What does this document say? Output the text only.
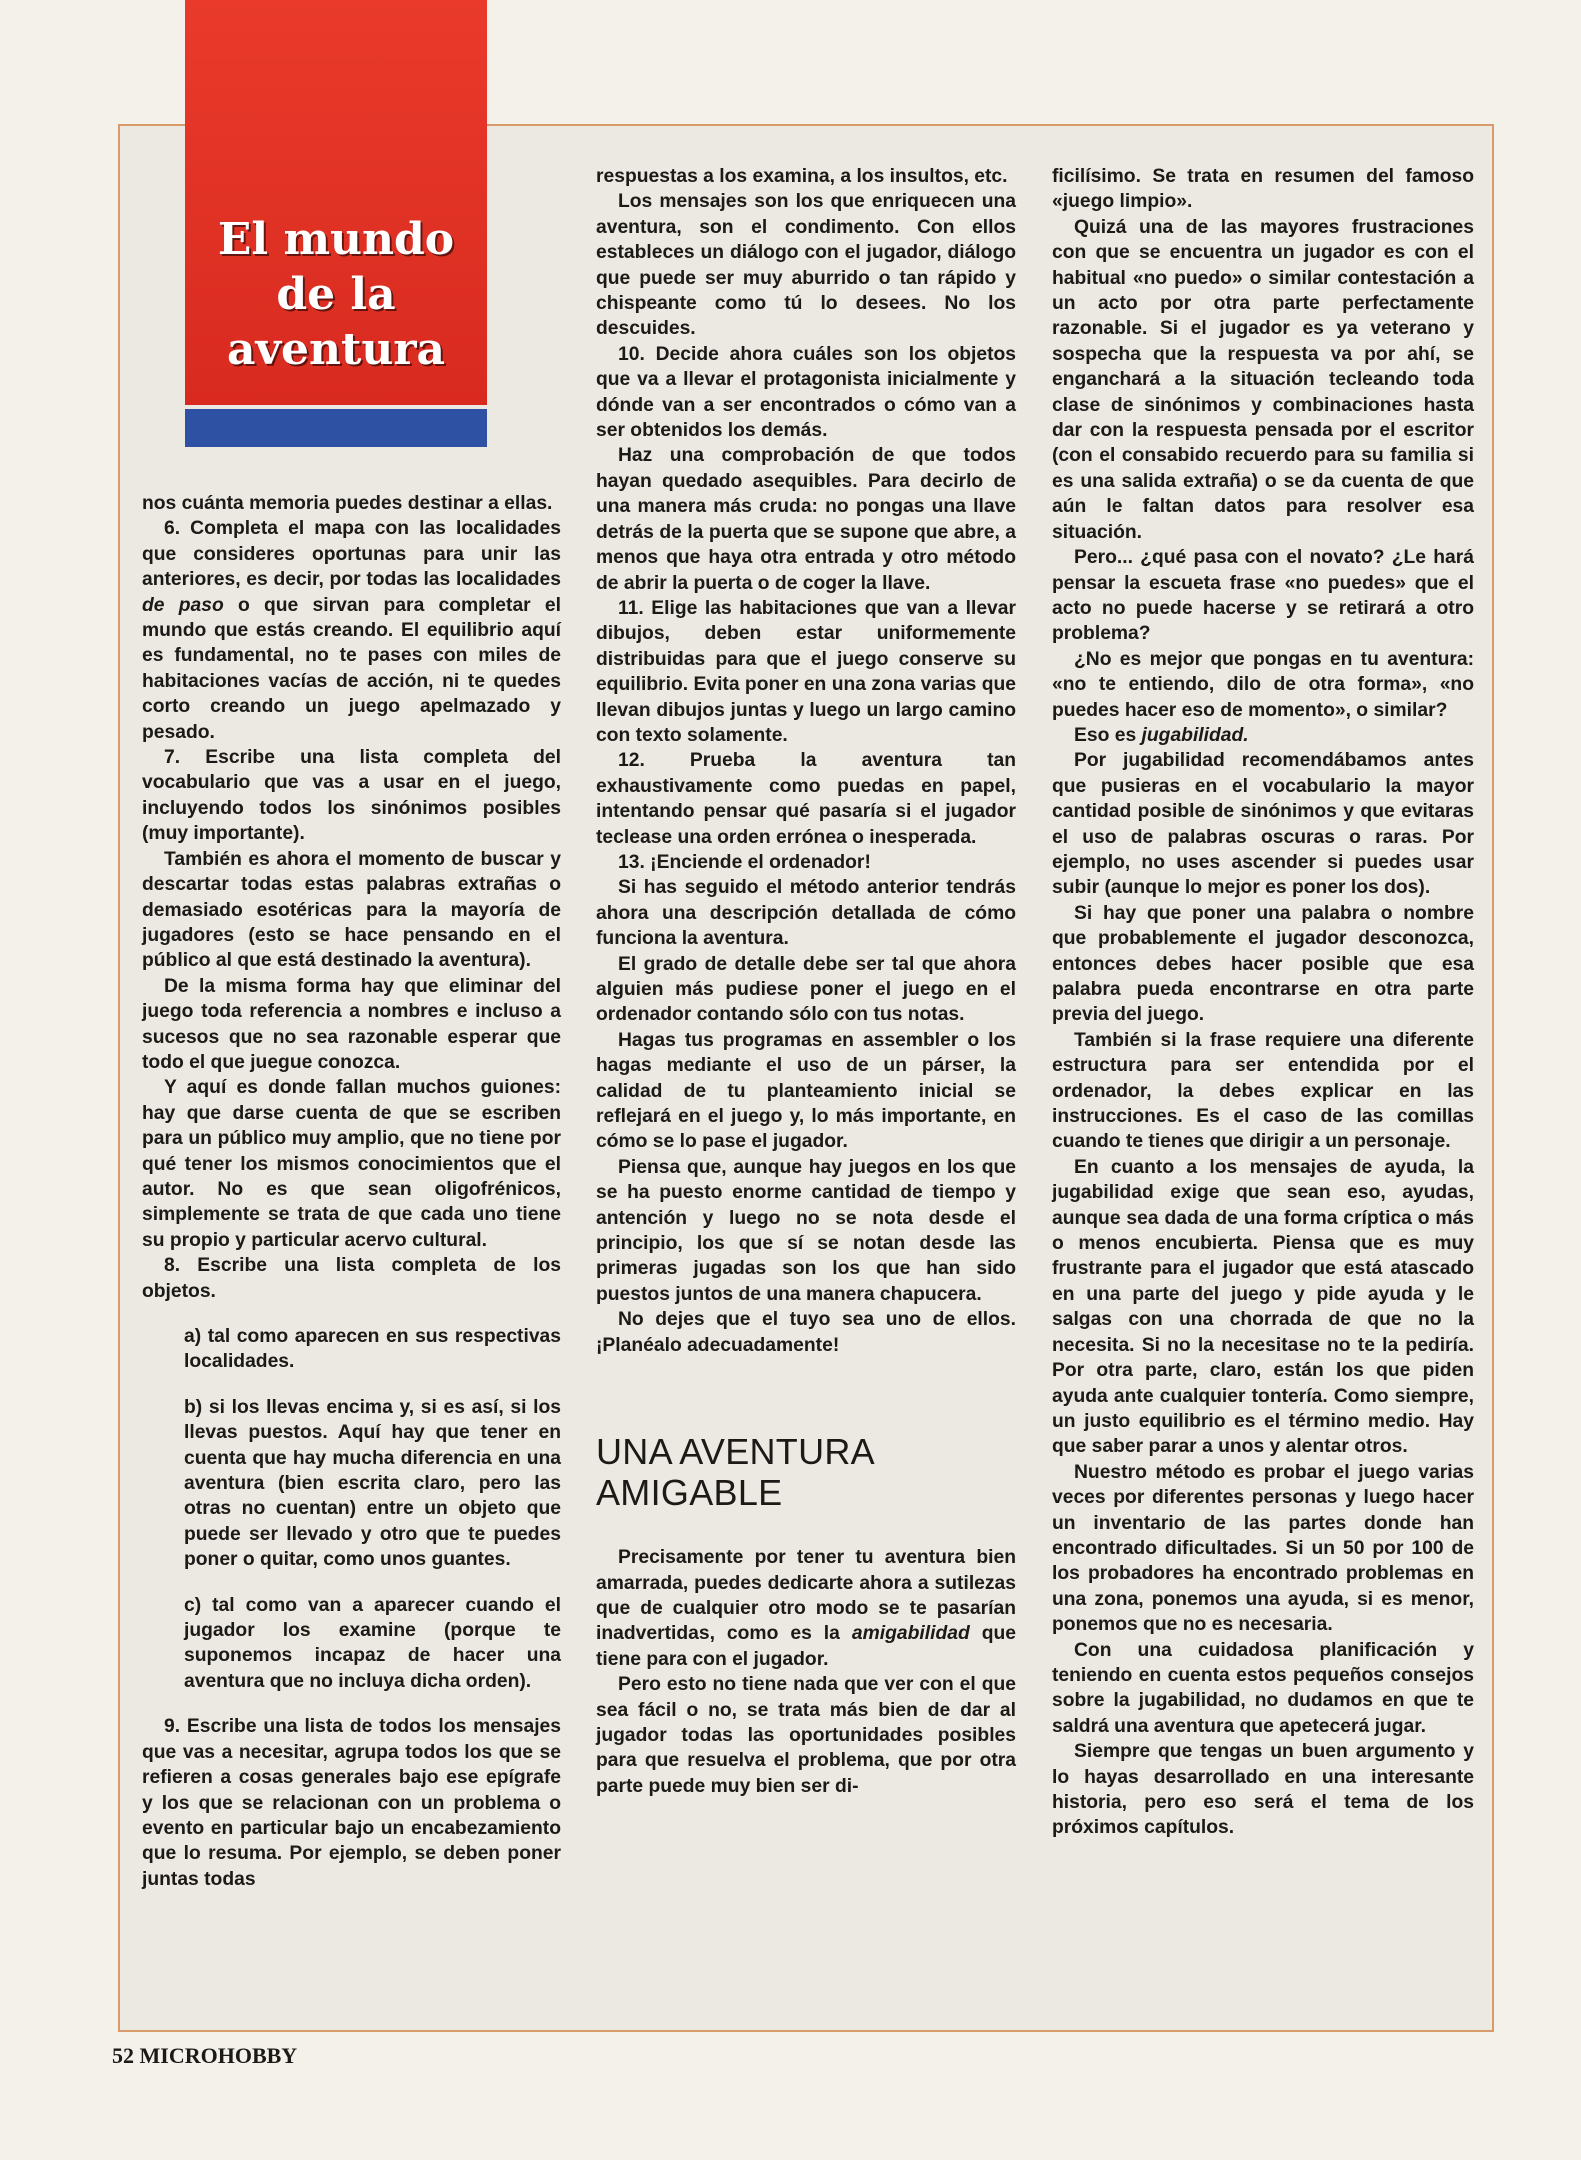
El mundo
de la
aventura

nos cuánta memoria puedes destinar a ellas.

6. Completa el mapa con las localidades que consideres oportunas para unir las anteriores, es decir, por todas las localidades de paso o que sirvan para completar el mundo que estás creando. El equilibrio aquí es fundamental, no te pases con miles de habitaciones vacías de acción, ni te quedes corto creando un juego apelmazado y pesado.

7. Escribe una lista completa del vocabulario que vas a usar en el juego, incluyendo todos los sinónimos posibles (muy importante).

También es ahora el momento de buscar y descartar todas estas palabras extrañas o demasiado esotéricas para la mayoría de jugadores (esto se hace pensando en el público al que está destinado la aventura).

De la misma forma hay que eliminar del juego toda referencia a nombres e incluso a sucesos que no sea razonable esperar que todo el que juegue conozca.

Y aquí es donde fallan muchos guiones: hay que darse cuenta de que se escriben para un público muy amplio, que no tiene por qué tener los mismos conocimientos que el autor. No es que sean oligofrénicos, simplemente se trata de que cada uno tiene su propio y particular acervo cultural.

8. Escribe una lista completa de los objetos.

a) tal como aparecen en sus respectivas localidades.

b) si los llevas encima y, si es así, si los llevas puestos. Aquí hay que tener en cuenta que hay mucha diferencia en una aventura (bien escrita claro, pero las otras no cuentan) entre un objeto que puede ser llevado y otro que te puedes poner o quitar, como unos guantes.

c) tal como van a aparecer cuando el jugador los examine (porque te suponemos incapaz de hacer una aventura que no incluya dicha orden).

9. Escribe una lista de todos los mensajes que vas a necesitar, agrupa todos los que se refieren a cosas generales bajo ese epígrafe y los que se relacionan con un problema o evento en particular bajo un encabezamiento que lo resuma. Por ejemplo, se deben poner juntas todas

respuestas a los examina, a los insultos, etc.

Los mensajes son los que enriquecen una aventura, son el condimento. Con ellos estableces un diálogo con el jugador, diálogo que puede ser muy aburrido o tan rápido y chispeante como tú lo desees. No los descuides.

10. Decide ahora cuáles son los objetos que va a llevar el protagonista inicialmente y dónde van a ser encontrados o cómo van a ser obtenidos los demás.

Haz una comprobación de que todos hayan quedado asequibles. Para decirlo de una manera más cruda: no pongas una llave detrás de la puerta que se supone que abre, a menos que haya otra entrada y otro método de abrir la puerta o de coger la llave.

11. Elige las habitaciones que van a llevar dibujos, deben estar uniformemente distribuidas para que el juego conserve su equilibrio. Evita poner en una zona varias que llevan dibujos juntas y luego un largo camino con texto solamente.

12. Prueba la aventura tan exhaustivamente como puedas en papel, intentando pensar qué pasaría si el jugador teclease una orden errónea o inesperada.

13. ¡Enciende el ordenador!

Si has seguido el método anterior tendrás ahora una descripción detallada de cómo funciona la aventura.

El grado de detalle debe ser tal que ahora alguien más pudiese poner el juego en el ordenador contando sólo con tus notas.

Hagas tus programas en assembler o los hagas mediante el uso de un párser, la calidad de tu planteamiento inicial se reflejará en el juego y, lo más importante, en cómo se lo pase el jugador.

Piensa que, aunque hay juegos en los que se ha puesto enorme cantidad de tiempo y antención y luego no se nota desde el principio, los que sí se notan desde las primeras jugadas son los que han sido puestos juntos de una manera chapucera.

No dejes que el tuyo sea uno de ellos. ¡Planéalo adecuadamente!

UNA AVENTURA
AMIGABLE

Precisamente por tener tu aventura bien amarrada, puedes dedicarte ahora a sutilezas que de cualquier otro modo se te pasarían inadvertidas, como es la amigabilidad que tiene para con el jugador.

Pero esto no tiene nada que ver con el que sea fácil o no, se trata más bien de dar al jugador todas las oportunidades posibles para que resuelva el problema, que por otra parte puede muy bien ser di-

ficilísimo. Se trata en resumen del famoso «juego limpio».

Quizá una de las mayores frustraciones con que se encuentra un jugador es con el habitual «no puedo» o similar contestación a un acto por otra parte perfectamente razonable. Si el jugador es ya veterano y sospecha que la respuesta va por ahí, se enganchará a la situación tecleando toda clase de sinónimos y combinaciones hasta dar con la respuesta pensada por el escritor (con el consabido recuerdo para su familia si es una salida extraña) o se da cuenta de que aún le faltan datos para resolver esa situación.

Pero... ¿qué pasa con el novato? ¿Le hará pensar la escueta frase «no puedes» que el acto no puede hacerse y se retirará a otro problema?

¿No es mejor que pongas en tu aventura: «no te entiendo, dilo de otra forma», «no puedes hacer eso de momento», o similar?

Eso es jugabilidad.

Por jugabilidad recomendábamos antes que pusieras en el vocabulario la mayor cantidad posible de sinónimos y que evitaras el uso de palabras oscuras o raras. Por ejemplo, no uses ascender si puedes usar subir (aunque lo mejor es poner los dos).

Si hay que poner una palabra o nombre que probablemente el jugador desconozca, entonces debes hacer posible que esa palabra pueda encontrarse en otra parte previa del juego.

También si la frase requiere una diferente estructura para ser entendida por el ordenador, la debes explicar en las instrucciones. Es el caso de las comillas cuando te tienes que dirigir a un personaje.

En cuanto a los mensajes de ayuda, la jugabilidad exige que sean eso, ayudas, aunque sea dada de una forma críptica o más o menos encubierta. Piensa que es muy frustrante para el jugador que está atascado en una parte del juego y pide ayuda y le salgas con una chorrada de que no la necesita. Si no la necesitase no te la pediría. Por otra parte, claro, están los que piden ayuda ante cualquier tontería. Como siempre, un justo equilibrio es el término medio. Hay que saber parar a unos y alentar otros.

Nuestro método es probar el juego varias veces por diferentes personas y luego hacer un inventario de las partes donde han encontrado dificultades. Si un 50 por 100 de los probadores ha encontrado problemas en una zona, ponemos una ayuda, si es menor, ponemos que no es necesaria.

Con una cuidadosa planificación y teniendo en cuenta estos pequeños consejos sobre la jugabilidad, no dudamos en que te saldrá una aventura que apetecerá jugar.

Siempre que tengas un buen argumento y lo hayas desarrollado en una interesante historia, pero eso será el tema de los próximos capítulos.

52 MICROHOBBY
